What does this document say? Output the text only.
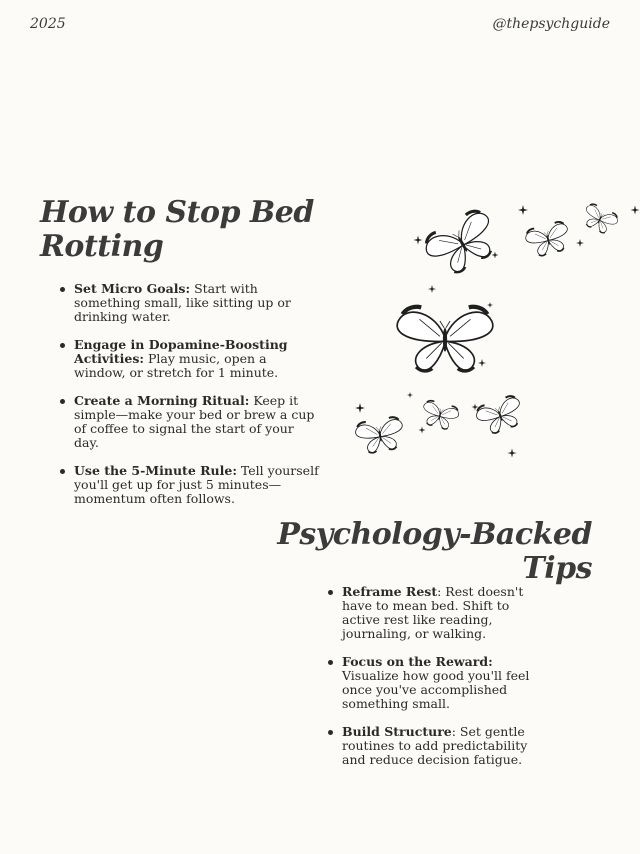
2025	@thepsychguide
How to Stop Bed Rotting
Set Micro Goals: Start with something small, like sitting up or drinking water.
Engage in Dopamine-Boosting Activities: Play music, open a window, or stretch for 1 minute.
Create a Morning Ritual: Keep it simple—make your bed or brew a cup of coffee to signal the start of your day.
Use the 5-Minute Rule: Tell yourself you'll get up for just 5 minutes—momentum often follows.
Psychology-Backed Tips
Reframe Rest: Rest doesn't have to mean bed. Shift to active rest like reading, journaling, or walking.
Focus on the Reward: Visualize how good you'll feel once you've accomplished something small.
Build Structure: Set gentle routines to add predictability and reduce decision fatigue.
